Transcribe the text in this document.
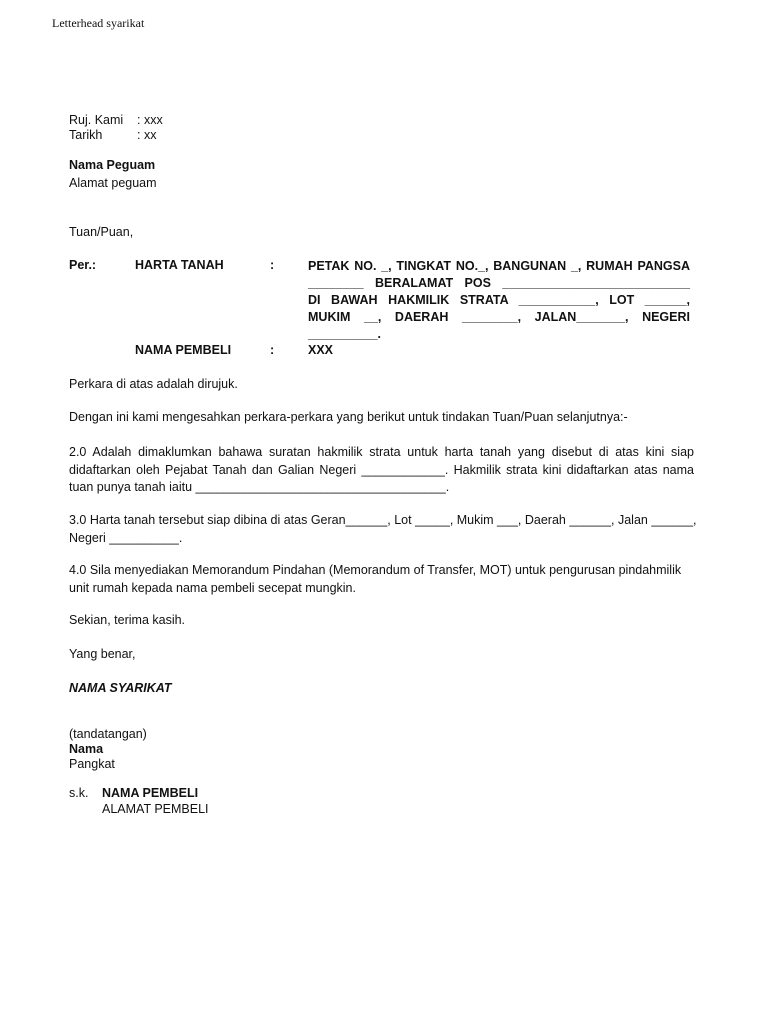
Letterhead syarikat
Ruj. Kami : xxx
Tarikh	: xx
Nama Peguam
Alamat peguam
Tuan/Puan,
Per.:	HARTA TANAH	:	PETAK NO. _, TINGKAT NO._, BANGUNAN _, RUMAH PANGSA
________ BERALAMAT POS ___________________________
DI BAWAH HAKMILIK STRATA ___________, LOT ______,
MUKIM __, DAERAH ________, JALAN_______, NEGERI
__________.
NAMA PEMBELI	:	XXX
Perkara di atas adalah dirujuk.
Dengan ini kami mengesahkan perkara-perkara yang berikut untuk tindakan Tuan/Puan selanjutnya:-
2.0 Adalah dimaklumkan bahawa suratan hakmilik strata untuk harta tanah yang disebut di atas kini siap
didaftarkan oleh Pejabat Tanah dan Galian Negeri ____________. Hakmilik strata kini didaftarkan atas nama
tuan punya tanah iaitu ____________________________________.
3.0 Harta tanah tersebut siap dibina di atas Geran______, Lot _____, Mukim ___, Daerah ______, Jalan ______,
Negeri __________.
4.0 Sila menyediakan Memorandum Pindahan (Memorandum of Transfer, MOT) untuk pengurusan pindahmilik
unit rumah kepada nama pembeli secepat mungkin.
Sekian, terima kasih.
Yang benar,
NAMA SYARIKAT
(tandatangan)
Nama
Pangkat
s.k. NAMA PEMBELI
ALAMAT PEMBELI
